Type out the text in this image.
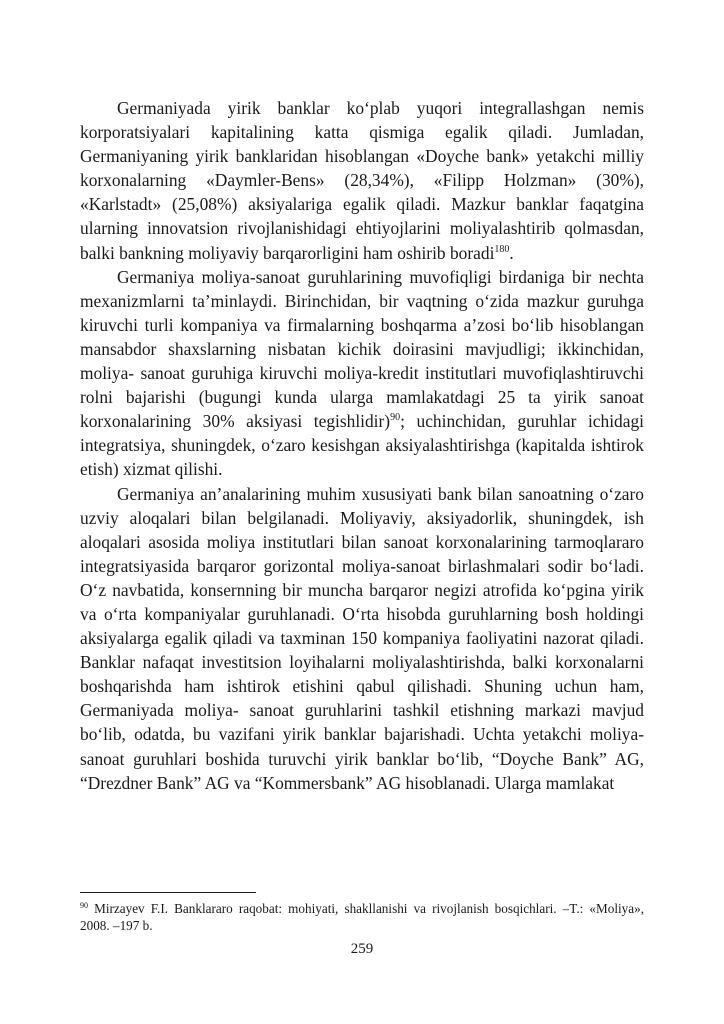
Germaniyada yirik banklar ko‘plab yuqori integrallashgan nemis korporatsiyalari kapitalining katta qismiga egalik qiladi. Jumladan, Germaniyaning yirik banklaridan hisoblangan «Doyche bank» yetakchi milliy korxonalarning «Daymler-Bens» (28,34%), «Filipp Holzman» (30%), «Karlstadt» (25,08%) aksiyalariga egalik qiladi. Mazkur banklar faqatgina ularning innovatsion rivojlanishidagi ehtiyojlarini moliyalashtirib qolmasdan, balki bankning moliyaviy barqarorligini ham oshirib boradi$^{180}$.

Germaniya moliya-sanoat guruhlarining muvofiqligi birdaniga bir nechta mexanizmlarni ta’minlaydi. Birinchidan, bir vaqtning o‘zida mazkur guruhga kiruvchi turli kompaniya va firmalarning boshqarma a’zosi bo‘lib hisoblangan mansabdor shaxslarning nisbatan kichik doirasini mavjudligi; ikkinchidan, moliya- sanoat guruhiga kiruvchi moliya-kredit institutlari muvofiqlashtiruvchi rolni bajarishi (bugungi kunda ularga mamlakatdagi 25 ta yirik sanoat korxonalarining 30% aksiyasi tegishlidir)$^{90}$; uchinchidan, guruhlar ichidagi integratsiya, shuningdek, o‘zaro kesishgan aksiyalashtirishga (kapitalda ishtirok etish) xizmat qilishi.

Germaniya an’analarining muhim xususiyati bank bilan sanoatning o‘zaro uzviy aloqalari bilan belgilanadi. Moliyaviy, aksiyadorlik, shuningdek, ish aloqalari asosida moliya institutlari bilan sanoat korxonalarining tarmoqlararo integratsiyasida barqaror gorizontal moliya-sanoat birlashmalari sodir bo‘ladi. O‘z navbatida, konsernning bir muncha barqaror negizi atrofida ko‘pgina yirik va o‘rta kompaniyalar guruhlanadi. O‘rta hisobda guruhlarning bosh holdingi aksiyalarga egalik qiladi va taxminan 150 kompaniya faoliyatini nazorat qiladi. Banklar nafaqat investitsion loyihalarni moliyalashtirishda, balki korxonalarni boshqarishda ham ishtirok etishini qabul qilishadi. Shuning uchun ham, Germaniyada moliya- sanoat guruhlarini tashkil etishning markazi mavjud bo‘lib, odatda, bu vazifani yirik banklar bajarishadi. Uchta yetakchi moliya-sanoat guruhlari boshida turuvchi yirik banklar bo‘lib, “Doyche Bank” AG, “Drezdner Bank” AG va “Kommersbank” AG hisoblanadi. Ularga mamlakat

$^{90}$ Mirzayev F.I. Banklararo raqobat: mohiyati, shakllanishi va rivojlanish bosqichlari. –T.: «Moliya», 2008. –197 b.

259
